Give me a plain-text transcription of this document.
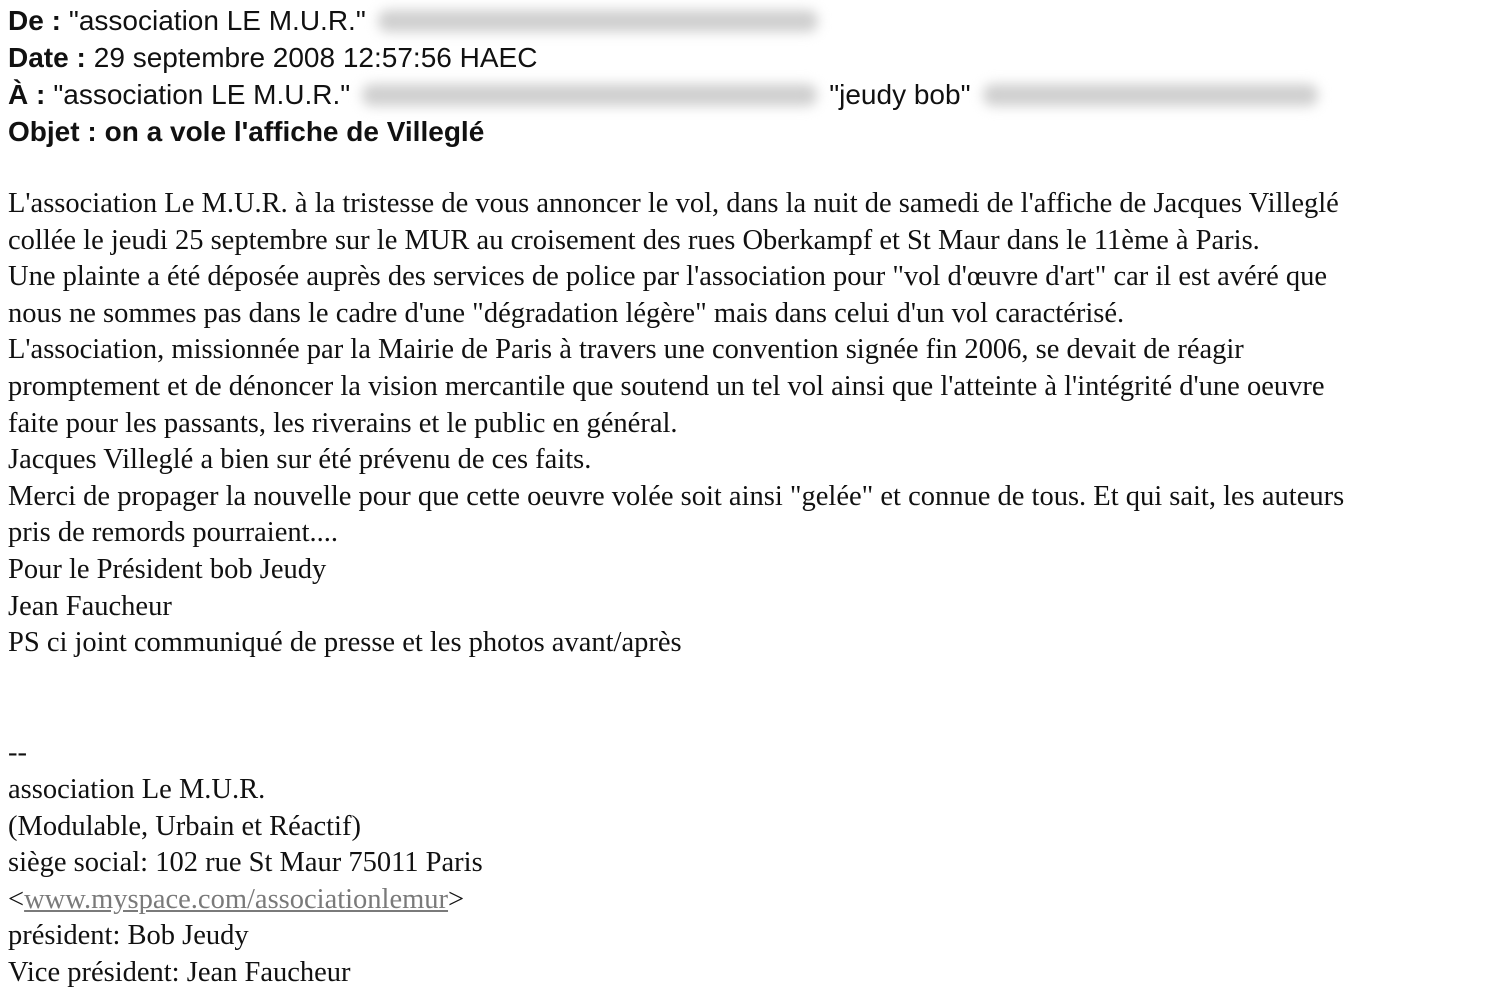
De : "association LE M.U.R."
Date : 29 septembre 2008 12:57:56 HAEC
À : "association LE M.U.R."	"jeudy bob"
Objet : on a vole l'affiche de Villeglé

L'association Le M.U.R. à la tristesse de vous annoncer le vol, dans la nuit de samedi de l'affiche de Jacques Villeglé

collée le jeudi 25 septembre sur le MUR au croisement des rues Oberkampf et St Maur dans le 11ème à Paris.

Une plainte a été déposée auprès des services de police par l'association pour "vol d'œuvre d'art" car il est avéré que

nous ne sommes pas dans le cadre d'une "dégradation légère" mais dans celui d'un vol caractérisé.

L'association, missionnée par la Mairie de Paris à travers une convention signée fin 2006, se devait de réagir

promptement et de dénoncer la vision mercantile que soutend un tel vol ainsi que l'atteinte à l'intégrité d'une oeuvre

faite pour les passants, les riverains et le public en général.

Jacques Villeglé a bien sur été prévenu de ces faits.

Merci de propager la nouvelle pour que cette oeuvre volée soit ainsi "gelée" et connue de tous. Et qui sait, les auteurs

pris de remords pourraient....

Pour le Président bob Jeudy

Jean Faucheur

PS ci joint communiqué de presse et les photos avant/après

--

association Le M.U.R.

(Modulable, Urbain et Réactif)

siège social: 102 rue St Maur 75011 Paris

<www.myspace.com/associationlemur>

président: Bob Jeudy

Vice président: Jean Faucheur
